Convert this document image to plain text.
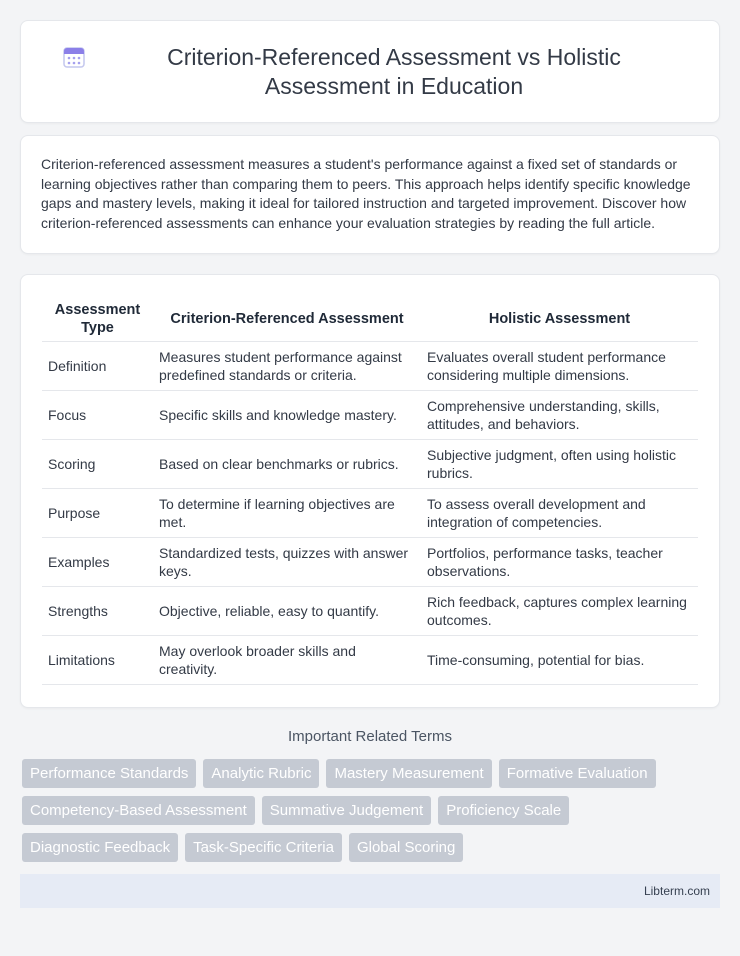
Criterion-Referenced Assessment vs Holistic Assessment in Education

Criterion-referenced assessment measures a student's performance against a fixed set of standards or learning objectives rather than comparing them to peers. This approach helps identify specific knowledge gaps and mastery levels, making it ideal for tailored instruction and targeted improvement. Discover how criterion-referenced assessments can enhance your evaluation strategies by reading the full article.

Assessment Type	Criterion-Referenced Assessment	Holistic Assessment
Definition	Measures student performance against predefined standards or criteria.	Evaluates overall student performance considering multiple dimensions.
Focus	Specific skills and knowledge mastery.	Comprehensive understanding, skills, attitudes, and behaviors.
Scoring	Based on clear benchmarks or rubrics.	Subjective judgment, often using holistic rubrics.
Purpose	To determine if learning objectives are met.	To assess overall development and integration of competencies.
Examples	Standardized tests, quizzes with answer keys.	Portfolios, performance tasks, teacher observations.
Strengths	Objective, reliable, easy to quantify.	Rich feedback, captures complex learning outcomes.
Limitations	May overlook broader skills and creativity.	Time-consuming, potential for bias.
Important Related Terms
Performance Standards	Analytic Rubric	Mastery Measurement	Formative Evaluation
Competency-Based Assessment	Summative Judgement	Proficiency Scale
Diagnostic Feedback	Task-Specific Criteria	Global Scoring
Libterm.com
